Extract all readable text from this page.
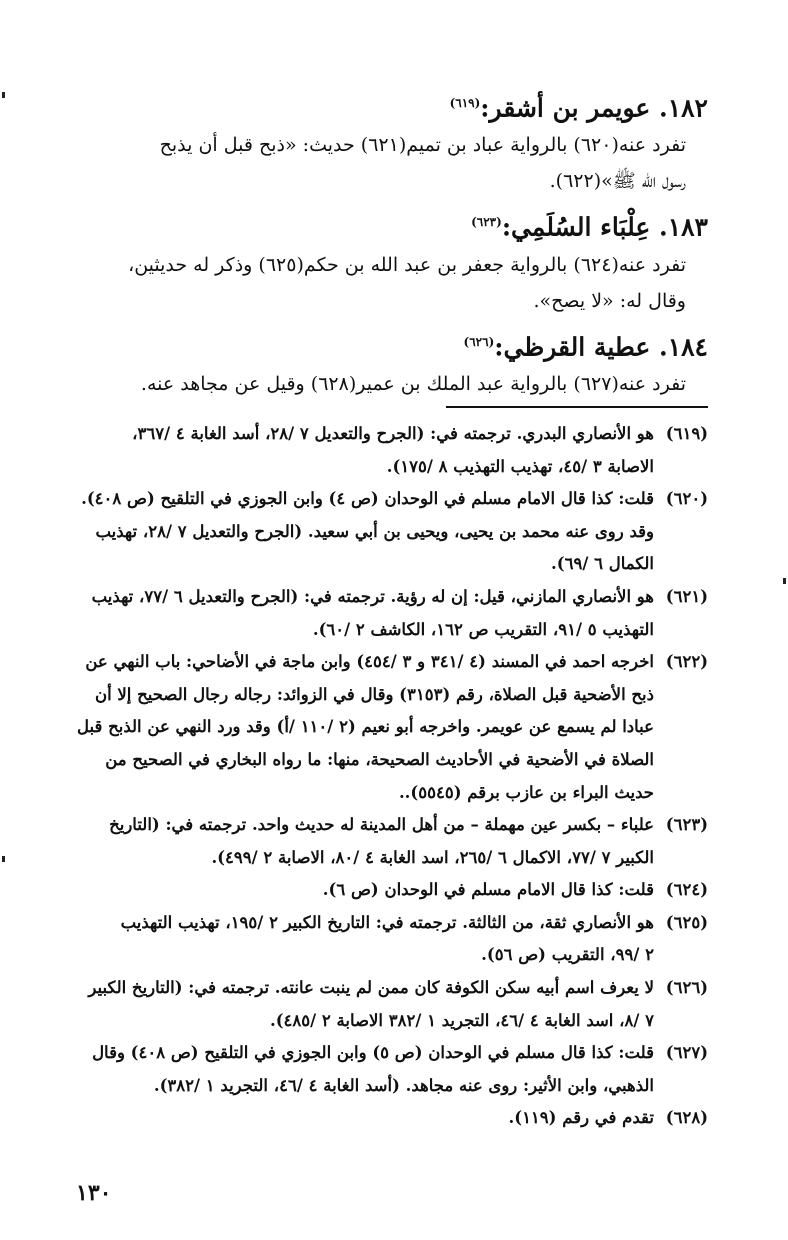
١٨٢. عويمر بن أشقر:$^{(٦١٩)}$

تفرد عنه(٦٢٠) بالرواية عباد بن تميم(٦٢١) حديث: «ذبح قبل أن يذبح
رسول الله ﷺ»(٦٢٢).

١٨٣. عِلْبَاء السُلَمِي:$^{(٦٢٣)}$

تفرد عنه(٦٢٤) بالرواية جعفر بن عبد الله بن حكم(٦٢٥) وذكر له حديثين،
وقال له: «لا يصح».

١٨٤. عطية القرظي:$^{(٦٢٦)}$

تفرد عنه(٦٢٧) بالرواية عبد الملك بن عمير(٦٢٨) وقيل عن مجاهد عنه.

(٦١٩)
هو الأنصاري البدري. ترجمته في: (الجرح والتعديل ٧ /٢٨، أسد الغابة ٤ /٣٦٧،
الاصابة ٣ /٤٥، تهذيب التهذيب ٨ /١٧٥).
(٦٢٠)
قلت: كذا قال الامام مسلم في الوحدان (ص ٤) وابن الجوزي في التلقيح (ص ٤٠٨).
وقد روى عنه محمد بن يحيى، ويحيى بن أبي سعيد. (الجرح والتعديل ٧ /٢٨، تهذيب
الكمال ٦ /٦٩).
(٦٢١)
هو الأنصاري المازني، قيل: إن له رؤية. ترجمته في: (الجرح والتعديل ٦ /٧٧، تهذيب
التهذيب ٥ /٩١، التقريب ص ١٦٢، الكاشف ٢ /٦٠).
(٦٢٢)
اخرجه احمد في المسند (٤ /٣٤١ و ٣ /٤٥٤) وابن ماجة في الأضاحي: باب النهي عن
ذبح الأضحية قبل الصلاة، رقم (٣١٥٣) وقال في الزوائد: رجاله رجال الصحيح إلا أن
عبادا لم يسمع عن عويمر. واخرجه أبو نعيم (٢ /١١٠ /أ) وقد ورد النهي عن الذبح قبل
الصلاة في الأضحية في الأحاديث الصحيحة، منها: ما رواه البخاري في الصحيح من
حديث البراء بن عازب برقم (٥٥٤٥)..
(٦٢٣)
علباء – بكسر عين مهملة – من أهل المدينة له حديث واحد. ترجمته في: (التاريخ
الكبير ٧ /٧٧، الاكمال ٦ /٢٦٥، اسد الغابة ٤ /٨٠، الاصابة ٢ /٤٩٩).
(٦٢٤)
قلت: كذا قال الامام مسلم في الوحدان (ص ٦).
(٦٢٥)
هو الأنصاري ثقة، من الثالثة. ترجمته في: التاريخ الكبير ٢ /١٩٥، تهذيب التهذيب
٢ /٩٩، التقريب (ص ٥٦).
(٦٢٦)
لا يعرف اسم أبيه سكن الكوفة كان ممن لم ينبت عانته. ترجمته في: (التاريخ الكبير
٧ /٨، اسد الغابة ٤ /٤٦، التجريد ١ /٣٨٢ الاصابة ٢ /٤٨٥).
(٦٢٧)
قلت: كذا قال مسلم في الوحدان (ص ٥) وابن الجوزي في التلقيح (ص ٤٠٨) وقال
الذهبي، وابن الأثير: روى عنه مجاهد. (أسد الغابة ٤ /٤٦، التجريد ١ /٣٨٢).
(٦٢٨)
تقدم في رقم (١١٩).
١٣٠
